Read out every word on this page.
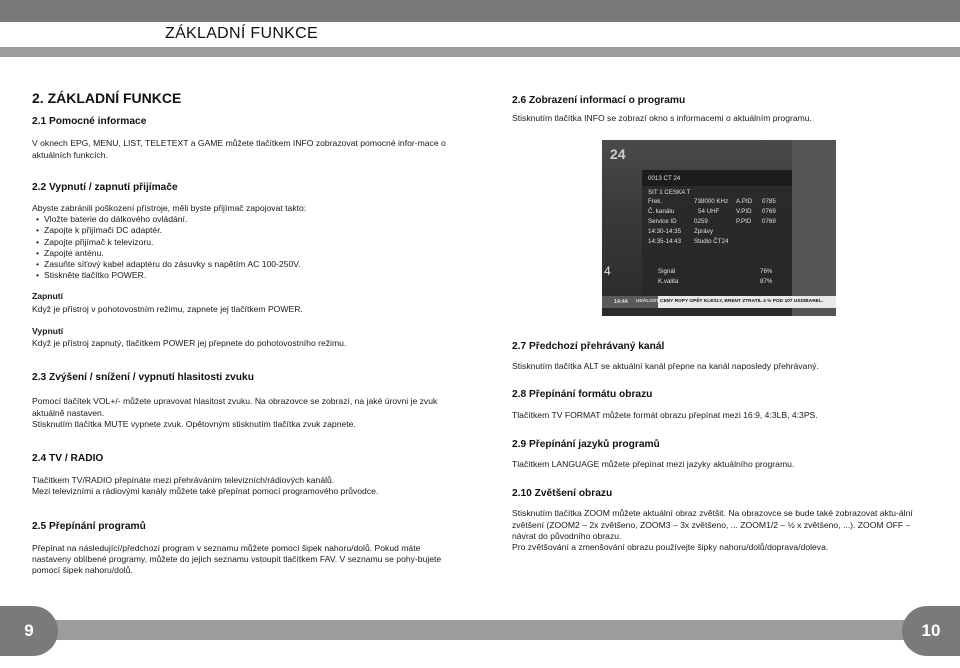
ZÁKLADNÍ FUNKCE
2. ZÁKLADNÍ FUNKCE
2.1 Pomocné informace

V oknech EPG, MENU, LIST, TELETEXT a GAME můžete tlačítkem INFO zobrazovat pomocné infor-mace o aktuálních funkcích.

2.2 Vypnutí / zapnutí přijímače

Abyste zabránili poškození přístroje, měli byste přijímač zapojovat takto:

• Vložte baterie do dálkového ovládání.
• Zapojte k přijímači DC adaptér.
• Zapojte přijímač k televizoru.
• Zapojte anténu.
• Zasuňte síťový kabel adaptéru do zásuvky s napětím AC 100-250V.
• Stiskněte tlačítko POWER.
Zapnutí

Když je přístroj v pohotovostním režimu, zapnete jej tlačítkem POWER.

Vypnutí

Když je přístroj zapnutý, tlačítkem POWER jej přepnete do pohotovostního režimu.

2.3 Zvýšení / snížení / vypnutí hlasitosti zvuku

Pomocí tlačítek VOL+/- můžete upravovat hlasitost zvuku. Na obrazovce se zobrazí, na jaké úrovni je zvuk aktuálně nastaven.

Stisknutím tlačítka MUTE vypnete zvuk. Opětovným stisknutím tlačítka zvuk zapnete.

2.4 TV / RADIO

Tlačítkem TV/RADIO přepínáte mezi přehráváním televizních/rádiových kanálů.

Mezi televizními a rádiovými kanály můžete také přepínat pomocí programového průvodce.

2.5 Přepínání programů

Přepínat na následující/předchozí program v seznamu můžete pomocí šipek nahoru/dolů. Pokud máte nastaveny oblíbené programy, můžete do jejich seznamu vstoupit tlačítkem FAV. V seznamu se pohy-bujete pomocí šipek nahoru/dolů.

2.6 Zobrazení informací o programu

Stisknutím tlačítka INFO se zobrazí okno s informacemi o aktuálním programu.

24
0013 CT 24
SIT 1 CESKA T
Frek.	738000 KHz A.PID 0785
Č. kanálu	54 UHF	V.PID 0769
Service ID	0259	P.PID 0769
14:30-14:35 Zprávy
14:35-14:43 Studio ČT24
4	Signál	76%
K.valita	87%
14:44 UDÁLOSTI CENY ROPY OPĚT KLESLY, BRENT ZTRATIL 4 % POD 107 USD/BAREL.
2.7 Předchozí přehrávaný kanál

Stisknutím tlačítka ALT se aktuální kanál přepne na kanál naposledy přehrávaný.

2.8 Přepínání formátu obrazu

Tlačítkem TV FORMAT můžete formát obrazu přepínat mezi 16:9, 4:3LB, 4:3PS.

2.9 Přepínání jazyků programů

Tlačítkem LANGUAGE můžete přepínat mezi jazyky aktuálního programu.

2.10 Zvětšení obrazu

Stisknutím tlačítka ZOOM můžete aktuální obraz zvětšit. Na obrazovce se bude také zobrazovat aktu-ální zvětšení (ZOOM2 – 2x zvětšeno, ZOOM3 – 3x zvětšeno, ... ZOOM1/2 – ½ x zvětšeno, ...). ZOOM OFF – návrat do původního obrazu.

Pro zvětšování a zmenšování obrazu používejte šipky nahoru/dolů/doprava/doleva.

9	10
